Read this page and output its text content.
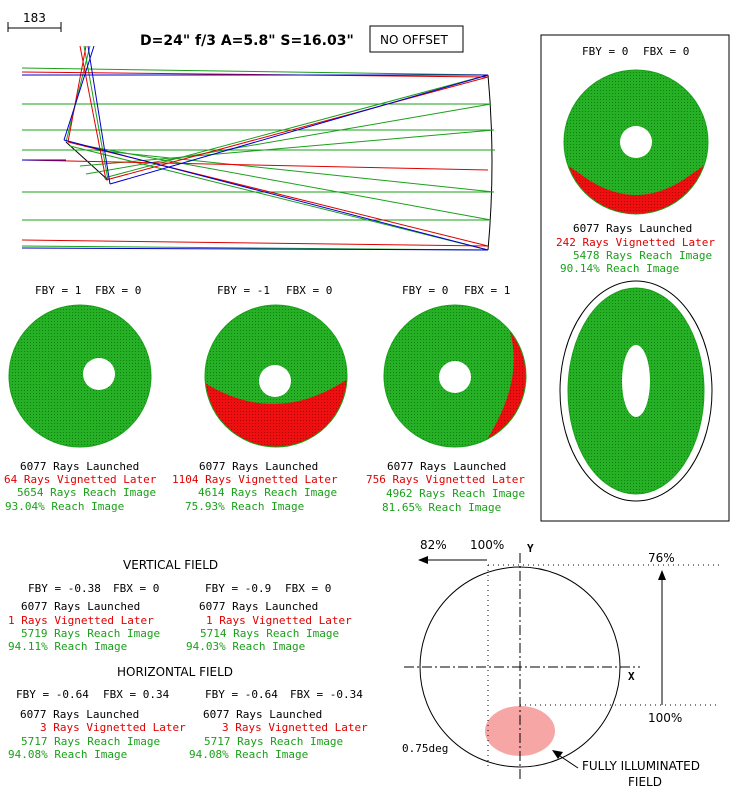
183
D=24" f/3 A=5.8" S=16.03" NO OFFSET
82% 100% Y
X
76%
100%
0.75deg
FULLY ILLUMINATED
FIELD
FBY = 1 FBX = 0
6077 Rays Launched
64 Rays Vignetted Later
5654 Rays Reach Image
93.04% Reach Image
FBY = -1 FBX = 0
6077 Rays Launched
1104 Rays Vignetted Later
4614 Rays Reach Image
75.93% Reach Image
FBY = 0 FBX = 1
6077 Rays Launched
756 Rays Vignetted Later
4962 Rays Reach Image
81.65% Reach Image
FBY = 0 FBX = 0
6077 Rays Launched
242 Rays Vignetted Later
5478 Rays Reach Image
90.14% Reach Image
VERTICAL FIELD
FBY = -0.38 FBX = 0
6077 Rays Launched
1 Rays Vignetted Later
5719 Rays Reach Image
94.11% Reach Image
FBY = -0.9 FBX = 0
6077 Rays Launched
1 Rays Vignetted Later
5714 Rays Reach Image
94.03% Reach Image
HORIZONTAL FIELD
FBY = -0.64 FBX = 0.34
6077 Rays Launched
3 Rays Vignetted Later
5717 Rays Reach Image
94.08% Reach Image
FBY = -0.64 FBX = -0.34
6077 Rays Launched
3 Rays Vignetted Later
5717 Rays Reach Image
94.08% Reach Image
